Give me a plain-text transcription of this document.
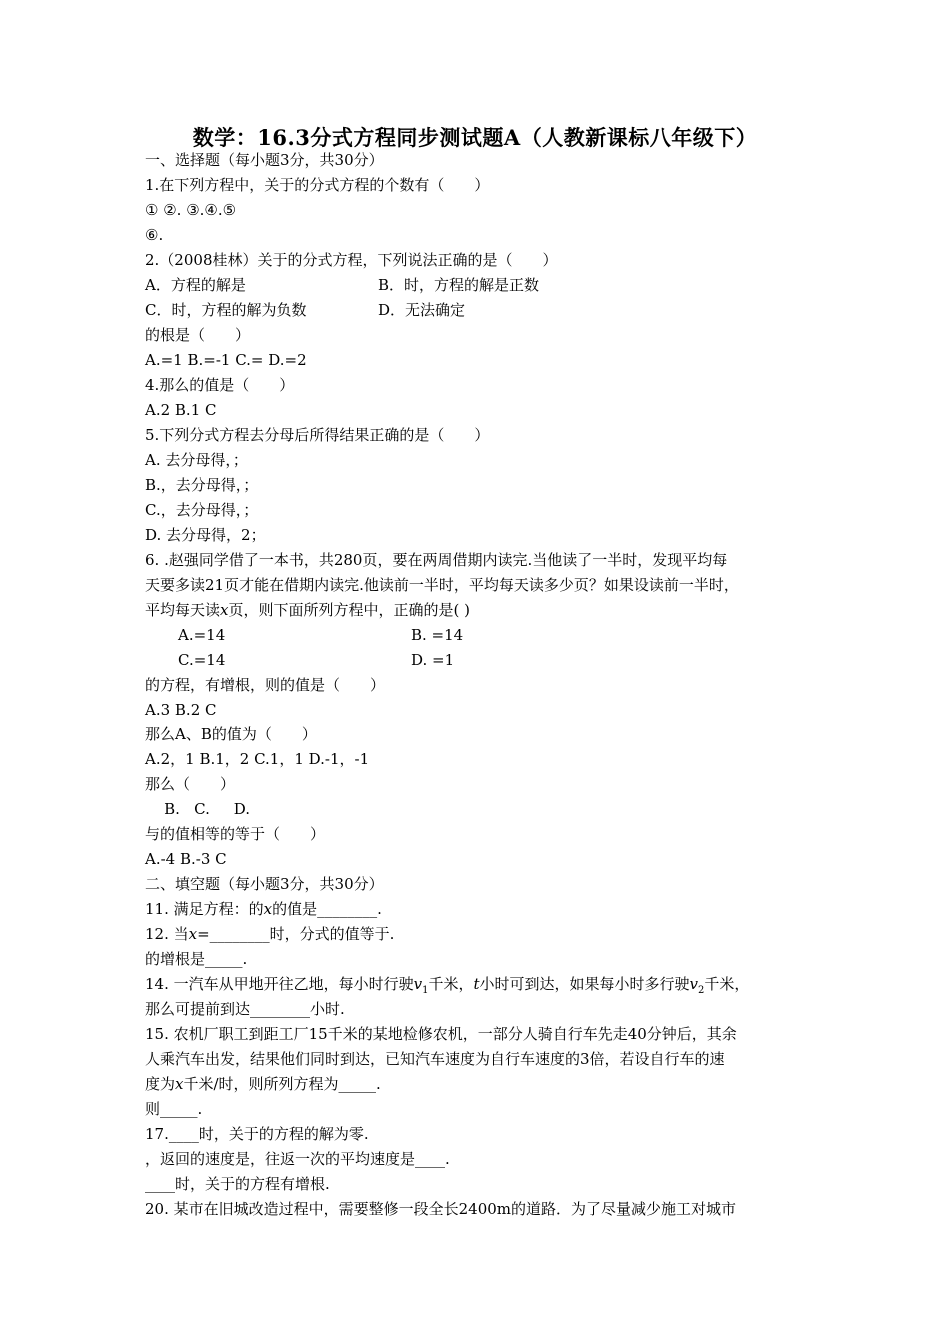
数学：16.3分式方程同步测试题A（人教新课标八年级下）
一、选择题（每小题3分，共30分）
1.在下列方程中，关于的分式方程的个数有（　　）
① ②. ③.④.⑤
⑥.
2.（2008桂林）关于的分式方程，下列说法正确的是（　　）
A．方程的解是	B．时，方程的解是正数
C．时，方程的解为负数	D．无法确定
的根是（　　）
A.=1 B.=-1 C.= D.=2
4.那么的值是（　　）
A.2 B.1 C
5.下列分式方程去分母后所得结果正确的是（　　）
A. 去分母得，；
B.，去分母得，；
C.，去分母得，；
D. 去分母得，2；
6. .赵强同学借了一本书，共280页，要在两周借期内读完.当他读了一半时，发现平均每
天要多读21页才能在借期内读完.他读前一半时，平均每天读多少页？如果设读前一半时，
平均每天读x页，则下面所列方程中，正确的是( )
A.=14	B. =14
C.=14	D. =1
的方程，有增根，则的值是（　　）
A.3 B.2 C
那么A、B的值为（　　）
A.2，1 B.1，2 C.1，1 D.-1，-1
那么（　　）
B.   C.     D.
与的值相等的等于（　　）
A.-4 B.-3 C
二、填空题（每小题3分，共30分）
11. 满足方程：的x的值是________.
12. 当x=________时，分式的值等于.
的增根是_____.
14. 一汽车从甲地开往乙地，每小时行驶$v_1$千米，t小时可到达，如果每小时多行驶$v_2$千米，
那么可提前到达________小时.
15. 农机厂职工到距工厂15千米的某地检修农机，一部分人骑自行车先走40分钟后，其余
人乘汽车出发，结果他们同时到达，已知汽车速度为自行车速度的3倍，若设自行车的速
度为x千米/时，则所列方程为_____.
则_____.
17.____时，关于的方程的解为零.
，返回的速度是，往返一次的平均速度是____.
____时，关于的方程有增根.
20. 某市在旧城改造过程中，需要整修一段全长2400m的道路．为了尽量减少施工对城市
